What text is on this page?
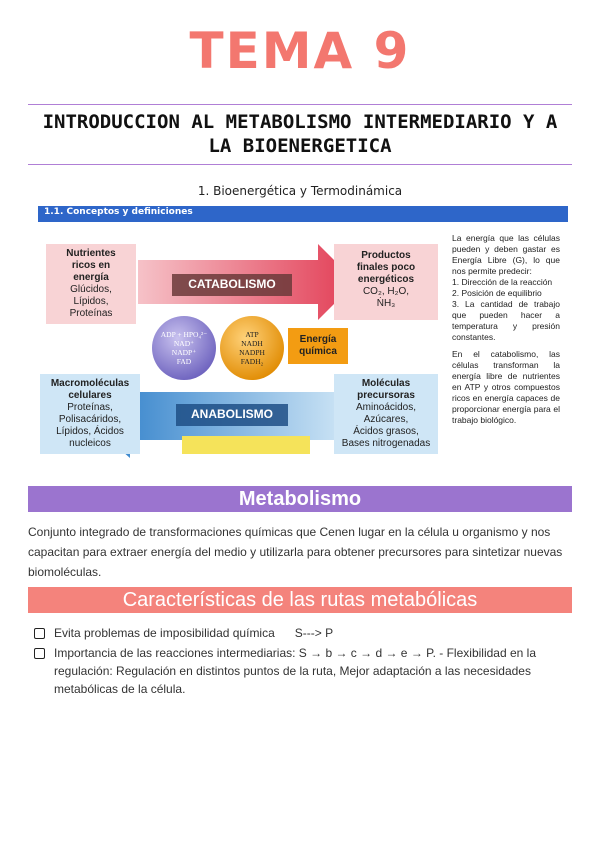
TEMA 9
INTRODUCCION AL METABOLISMO INTERMEDIARIO Y A
LA BIOENERGETICA
1. Bioenergética y Termodinámica
1.1. Conceptos y definiciones
Nutrientes
ricos en
energía
Glúcidos,
Lípidos,
Proteínas
Productos
finales poco
energéticos
CO₂, H₂O,
ṄH₃
Macromoléculas
celulares
Proteínas,
Polisacáridos,
Lípidos, Ácidos
nucleicos
Moléculas
precursoras
Aminoácidos,
Azúcares,
Ácidos grasos,
Bases nitrogenadas
CATABOLISMO
ANABOLISMO
ADP + HPO₄²⁻
NAD⁺
NADP⁺
FAD
ATP
NADH
NADPH
FADH₂
Energía
química
La energía que las células pueden y deben gastar es Energía Libre (G), lo que nos permite predecir:
1. Dirección de la reacción
2. Posición de equilibrio
3. La cantidad de trabajo que pueden hacer a temperatura y presión constantes.
En el catabolismo, las células transforman la energía libre de nutrientes en ATP y otros compuestos ricos en energía capaces de proporcionar energía para el trabajo biológico.
Metabolismo
Conjunto integrado de transformaciones químicas que Cenen lugar en la célula u organismo y nos capacitan para extraer energía del medio y utilizarla para obtener precursores para sintetizar nuevas biomoléculas.
Características de las rutas metabólicas
Evita problemas de imposibilidad química      S---> P
Importancia de las reacciones intermediarias: S → b → c → d → e → P. - Flexibilidad en la regulación: Regulación en distintos puntos de la ruta, Mejor adaptación a las necesidades metabólicas de la célula.
